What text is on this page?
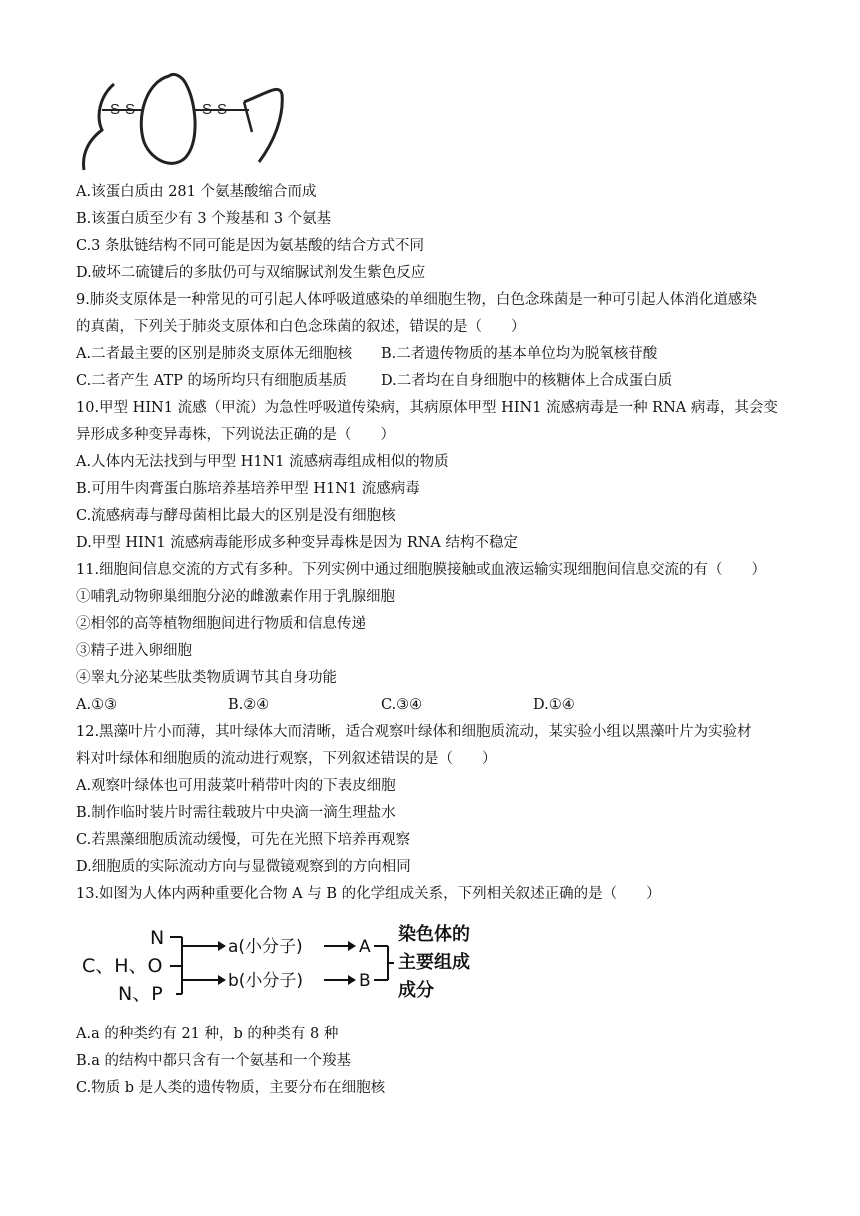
S-S	S-S
A.该蛋白质由 281 个氨基酸缩合而成
B.该蛋白质至少有 3 个羧基和 3 个氨基
C.3 条肽链结构不同可能是因为氨基酸的结合方式不同
D.破坏二硫键后的多肽仍可与双缩脲试剂发生紫色反应
9.肺炎支原体是一种常见的可引起人体呼吸道感染的单细胞生物，白色念珠菌是一种可引起人体消化道感染
的真菌，下列关于肺炎支原体和白色念珠菌的叙述，错误的是（　　）
A.二者最主要的区别是肺炎支原体无细胞核 B.二者遗传物质的基本单位均为脱氧核苷酸
C.二者产生 ATP 的场所均只有细胞质基质 D.二者均在自身细胞中的核糖体上合成蛋白质
10.甲型 HIN1 流感（甲流）为急性呼吸道传染病，其病原体甲型 HIN1 流感病毒是一种 RNA 病毒，其会变
异形成多种变异毒株，下列说法正确的是（　　）
A.人体内无法找到与甲型 H1N1 流感病毒组成相似的物质
B.可用牛肉膏蛋白胨培养基培养甲型 H1N1 流感病毒
C.流感病毒与酵母菌相比最大的区别是没有细胞核
D.甲型 HIN1 流感病毒能形成多种变异毒株是因为 RNA 结构不稳定
11.细胞间信息交流的方式有多种。下列实例中通过细胞膜接触或血液运输实现细胞间信息交流的有（　　）
①哺乳动物卵巢细胞分泌的雌激素作用于乳腺细胞
②相邻的高等植物细胞间进行物质和信息传递
③精子进入卵细胞
④睾丸分泌某些肽类物质调节其自身功能
A.①③	B.②④	C.③④	D.①④
12.黑藻叶片小而薄，其叶绿体大而清晰，适合观察叶绿体和细胞质流动，某实验小组以黑藻叶片为实验材
料对叶绿体和细胞质的流动进行观察，下列叙述错误的是（　　）
A.观察叶绿体也可用菠菜叶稍带叶肉的下表皮细胞
B.制作临时装片时需往载玻片中央滴一滴生理盐水
C.若黑藻细胞质流动缓慢，可先在光照下培养再观察
D.细胞质的实际流动方向与显微镜观察到的方向相同
13.如图为人体内两种重要化合物 A 与 B 的化学组成关系，下列相关叙述正确的是（　　）
C、H、O
N
N、P
a(小分子)
b(小分子)
A
B
染色体的
主要组成
成分
A.a 的种类约有 21 种，b 的种类有 8 种
B.a 的结构中都只含有一个氨基和一个羧基
C.物质 b 是人类的遗传物质，主要分布在细胞核
